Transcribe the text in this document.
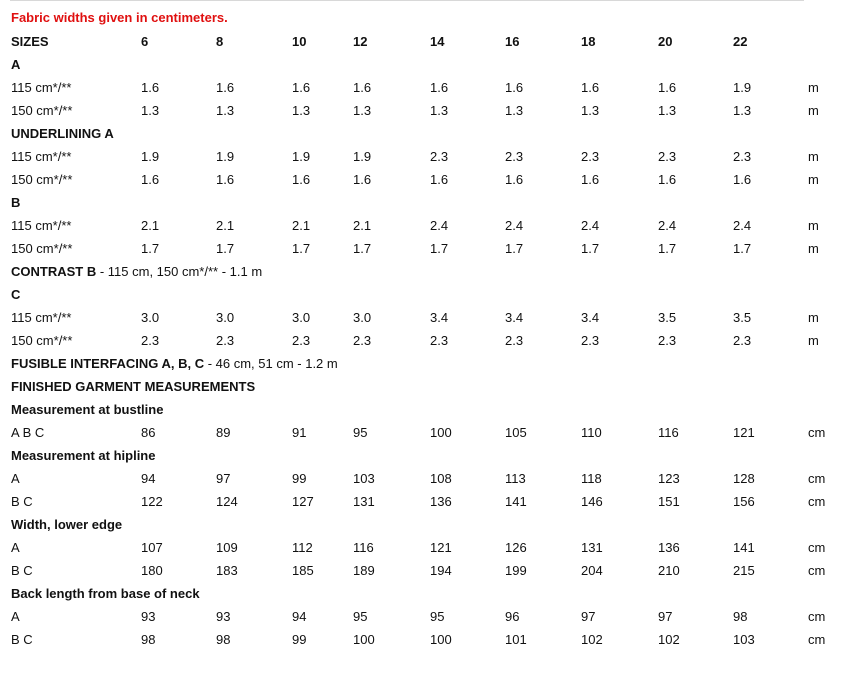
Fabric widths given in centimeters.
SIZES	6	8	10	12	14	16	18	20	22	
A										
115 cm*/**	1.6	1.6	1.6	1.6	1.6	1.6	1.6	1.6	1.9	m
150 cm*/**	1.3	1.3	1.3	1.3	1.3	1.3	1.3	1.3	1.3	m
UNDERLINING A										
115 cm*/**	1.9	1.9	1.9	1.9	2.3	2.3	2.3	2.3	2.3	m
150 cm*/**	1.6	1.6	1.6	1.6	1.6	1.6	1.6	1.6	1.6	m
B										
115 cm*/**	2.1	2.1	2.1	2.1	2.4	2.4	2.4	2.4	2.4	m
150 cm*/**	1.7	1.7	1.7	1.7	1.7	1.7	1.7	1.7	1.7	m
CONTRAST B - 115 cm, 150 cm*/** - 1.1 m										
C										
115 cm*/**	3.0	3.0	3.0	3.0	3.4	3.4	3.4	3.5	3.5	m
150 cm*/**	2.3	2.3	2.3	2.3	2.3	2.3	2.3	2.3	2.3	m
FUSIBLE INTERFACING A, B, C - 46 cm, 51 cm - 1.2 m										
FINISHED GARMENT MEASUREMENTS										
Measurement at bustline										
A B C	86	89	91	95	100	105	110	116	121	cm
Measurement at hipline										
A	94	97	99	103	108	113	118	123	128	cm
B C	122	124	127	131	136	141	146	151	156	cm
Width, lower edge										
A	107	109	112	116	121	126	131	136	141	cm
B C	180	183	185	189	194	199	204	210	215	cm
Back length from base of neck										
A	93	93	94	95	95	96	97	97	98	cm
B C	98	98	99	100	100	101	102	102	103	cm
